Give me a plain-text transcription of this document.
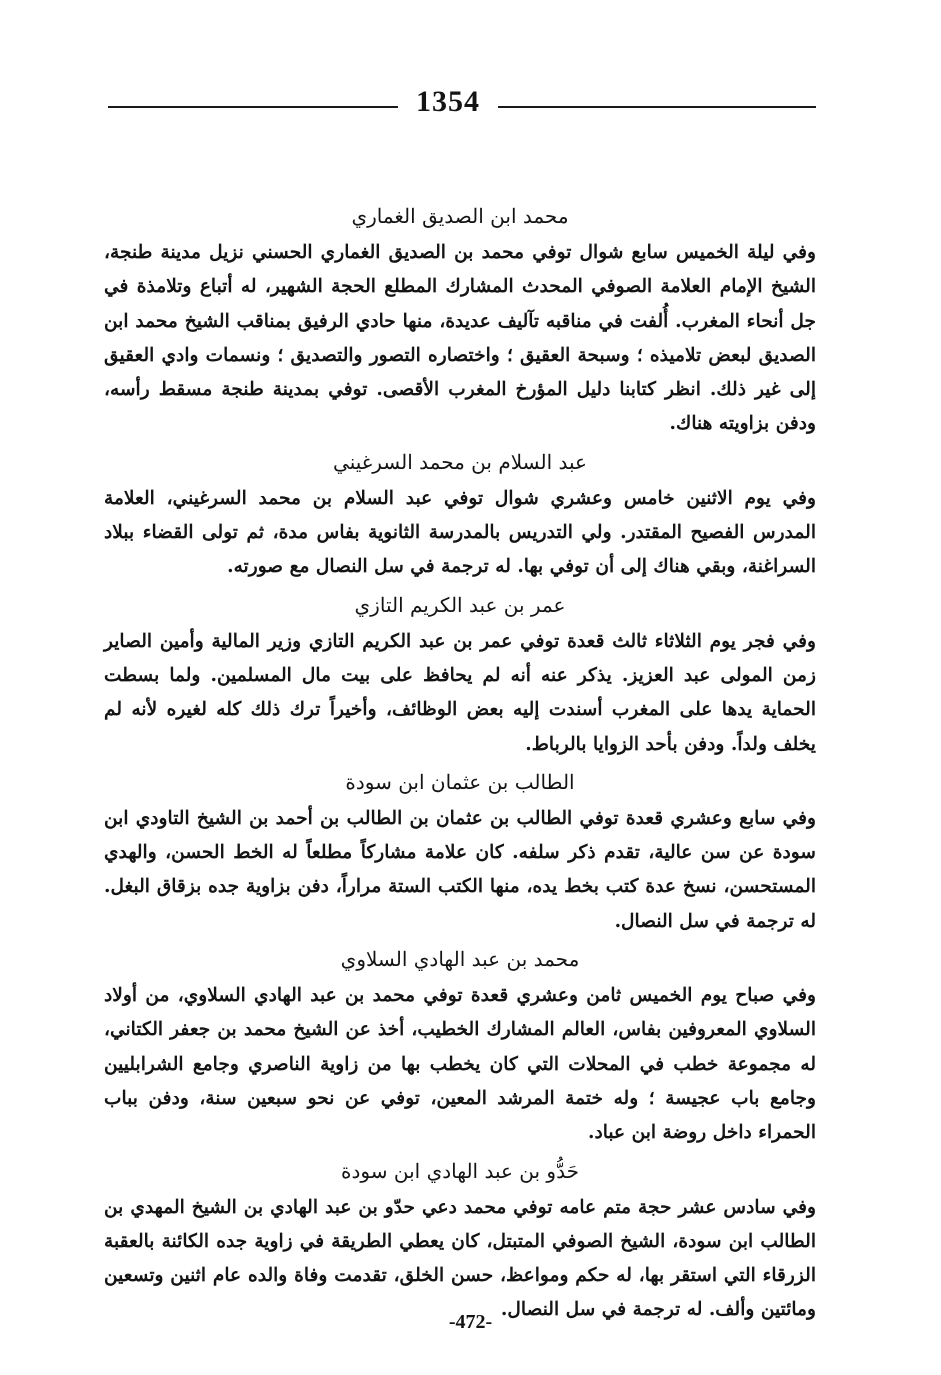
1354
محمد ابن الصديق الغماري

وفي ليلة الخميس سابع شوال توفي محمد بن الصديق الغماري الحسني نزيل مدينة طنجة، الشيخ الإمام العلامة الصوفي المحدث المشارك المطلع الحجة الشهير، له أتباع وتلامذة في جل أنحاء المغرب. أُلفت في مناقبه تآليف عديدة، منها حادي الرفيق بمناقب الشيخ محمد ابن الصديق لبعض تلاميذه ؛ وسبحة العقيق ؛ واختصاره التصور والتصديق ؛ ونسمات وادي العقيق إلى غير ذلك. انظر كتابنا دليل المؤرخ المغرب الأقصى. توفي بمدينة طنجة مسقط رأسه، ودفن بزاويته هناك.

عبد السلام بن محمد السرغيني

وفي يوم الاثنين خامس وعشري شوال توفي عبد السلام بن محمد السرغيني، العلامة المدرس الفصيح المقتدر. ولي التدريس بالمدرسة الثانوية بفاس مدة، ثم تولى القضاء ببلاد السراغنة، وبقي هناك إلى أن توفي بها. له ترجمة في سل النصال مع صورته.

عمر بن عبد الكريم التازي

وفي فجر يوم الثلاثاء ثالث قعدة توفي عمر بن عبد الكريم التازي وزير المالية وأمين الصاير زمن المولى عبد العزيز. يذكر عنه أنه لم يحافظ على بيت مال المسلمين. ولما بسطت الحماية يدها على المغرب أسندت إليه بعض الوظائف، وأخيراً ترك ذلك كله لغيره لأنه لم يخلف ولداً. ودفن بأحد الزوايا بالرباط.

الطالب بن عثمان ابن سودة

وفي سابع وعشري قعدة توفي الطالب بن عثمان بن الطالب بن أحمد بن الشيخ التاودي ابن سودة عن سن عالية، تقدم ذكر سلفه. كان علامة مشاركاً مطلعاً له الخط الحسن، والهدي المستحسن، نسخ عدة كتب بخط يده، منها الكتب الستة مراراً، دفن بزاوية جده بزقاق البغل. له ترجمة في سل النصال.

محمد بن عبد الهادي السلاوي

وفي صباح يوم الخميس ثامن وعشري قعدة توفي محمد بن عبد الهادي السلاوي، من أولاد السلاوي المعروفين بفاس، العالم المشارك الخطيب، أخذ عن الشيخ محمد بن جعفر الكتاني، له مجموعة خطب في المحلات التي كان يخطب بها من زاوية الناصري وجامع الشرابليين وجامع باب عجيسة ؛ وله ختمة المرشد المعين، توفي عن نحو سبعين سنة، ودفن بباب الحمراء داخل روضة ابن عباد.

حَدُّو بن عبد الهادي ابن سودة

وفي سادس عشر حجة متم عامه توفي محمد دعي حدّو بن عبد الهادي بن الشيخ المهدي بن الطالب ابن سودة، الشيخ الصوفي المتبتل، كان يعطي الطريقة في زاوية جده الكائنة بالعقبة الزرقاء التي استقر بها، له حكم ومواعظ، حسن الخلق، تقدمت وفاة والده عام اثنين وتسعين ومائتين وألف. له ترجمة في سل النصال.

-472-
